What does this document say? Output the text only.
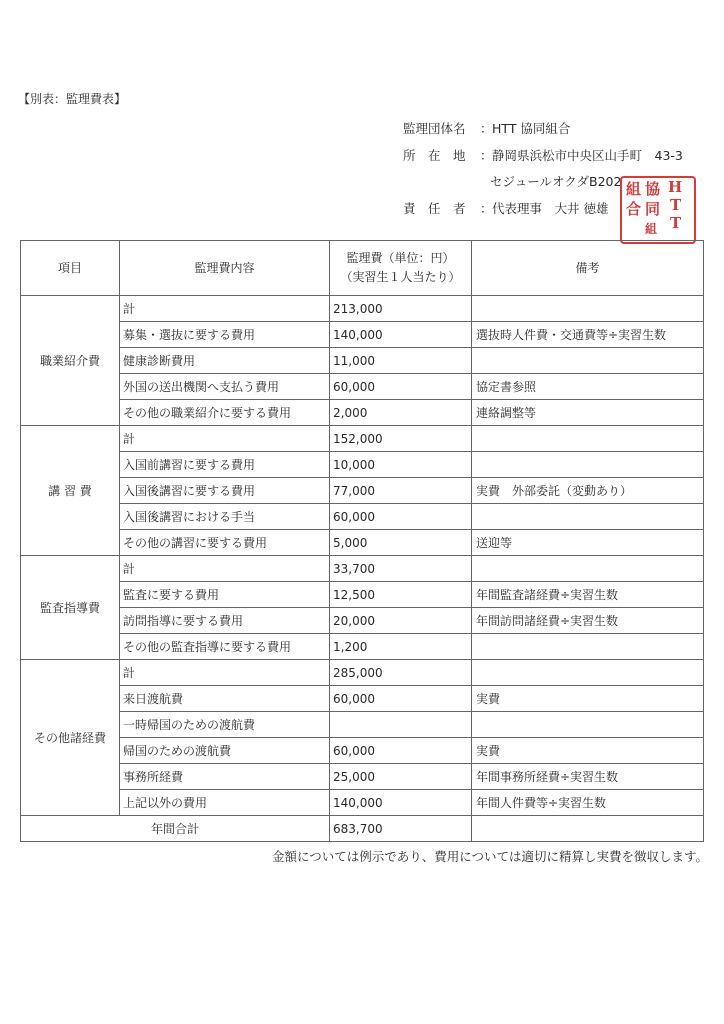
【別表：監理費表】
監理団体名 ： HTT 協同組合
所　在　地 ： 静岡県浜松市中央区山手町　43-3
セジュールオクダB202
責　任　者 ： 代表理事　大井 徳雄
組
合
協
同
組
H
T
T
項目	監理費内容	監理費（単位：円）
（実習生１人当たり）	備考
職業紹介費	計	213,000	
	募集・選抜に要する費用	140,000	選抜時人件費・交通費等÷実習生数
	健康診断費用	11,000	
	外国の送出機関へ支払う費用	60,000	協定書参照
	その他の職業紹介に要する費用	2,000	連絡調整等
講 習 費	計	152,000	
	入国前講習に要する費用	10,000	
	入国後講習に要する費用	77,000	実費　外部委託（変動あり）
	入国後講習における手当	60,000	
	その他の講習に要する費用	5,000	送迎等
監査指導費	計	33,700	
	監査に要する費用	12,500	年間監査諸経費÷実習生数
	訪問指導に要する費用	20,000	年間訪問諸経費÷実習生数
	その他の監査指導に要する費用	1,200	
その他諸経費	計	285,000	
	来日渡航費	60,000	実費
	一時帰国のための渡航費		
	帰国のための渡航費	60,000	実費
	事務所経費	25,000	年間事務所経費÷実習生数
	上記以外の費用	140,000	年間人件費等÷実習生数
年間合計		683,700	
金額については例示であり、費用については適切に精算し実費を徴収します。
